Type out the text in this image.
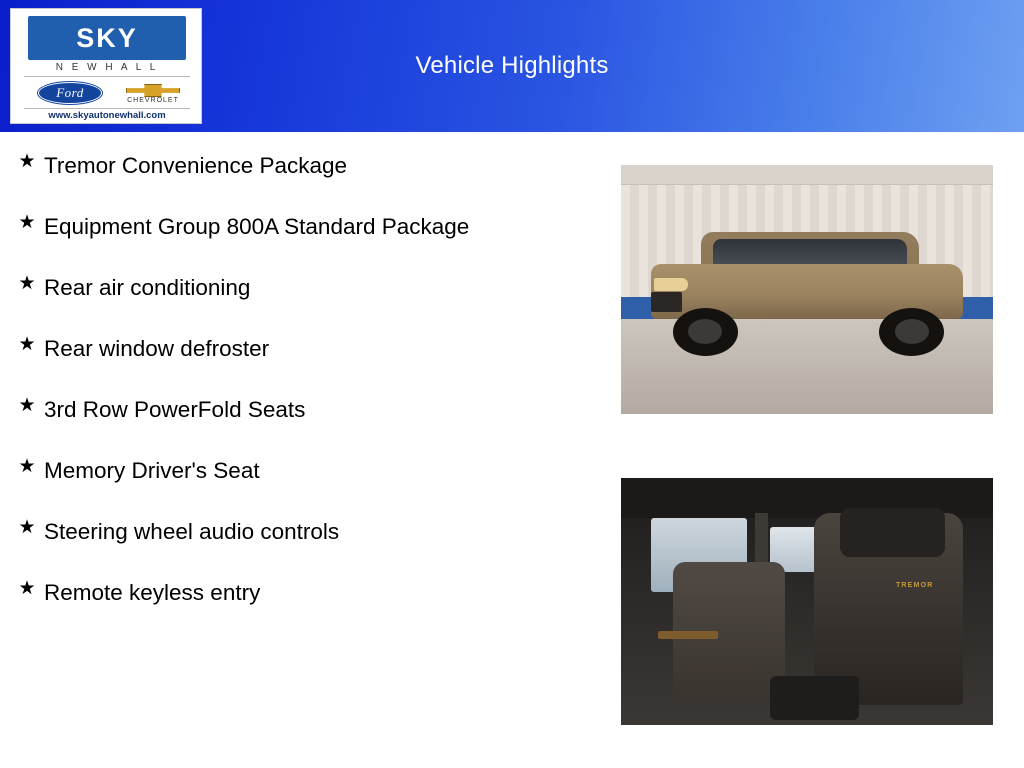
Vehicle Highlights
SKY
N E W H A L L
Ford
CHEVROLET
www.skyautonewhall.com
★ Tremor Convenience Package
★ Equipment Group 800A Standard Package
★ Rear air conditioning
★ Rear window defroster
★ 3rd Row PowerFold Seats
★ Memory Driver's Seat
★ Steering wheel audio controls
★ Remote keyless entry	TREMOR
